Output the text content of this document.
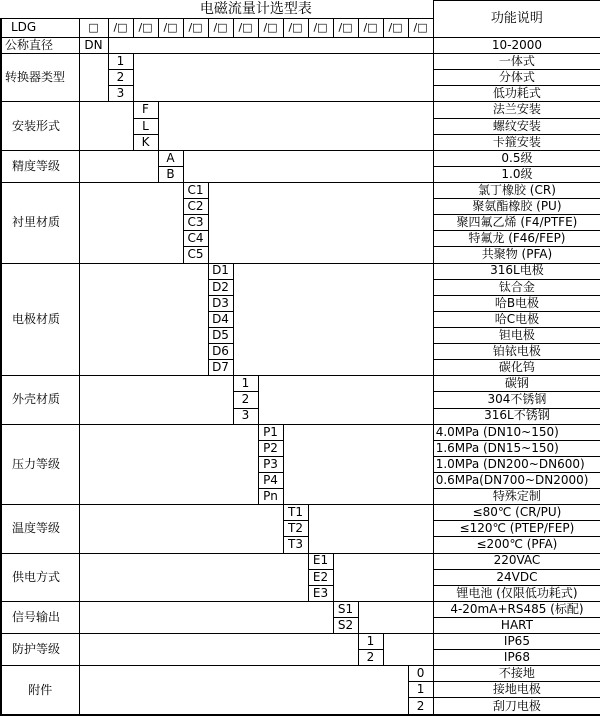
电磁流量计选型表															功能说明
LDG	□	/□	/□	/□	/□	/□	/□	/□	/□	/□	/□	/□	/□	/□	
公称直径	DN														10-2000
转换器类型		1													一体式
		2													分体式
		3													低功耗式
安装形式			F												法兰安装
			L												螺纹安装
			K												卡箍安装
精度等级				A											0.5级
				B											1.0级
衬里材质					C1										氯丁橡胶 (CR)
					C2										聚氨酯橡胶 (PU)
					C3										聚四氟乙烯 (F4/PTFE)
					C4										特氟龙 (F46/FEP)
					C5										共聚物 (PFA)
电极材质						D1									316L电极
						D2									钛合金
						D3									哈B电极
						D4									哈C电极
						D5									钽电极
						D6									铂铱电极
						D7									碳化钨
外壳材质							1								碳钢
							2								304不锈钢
							3								316L不锈钢
压力等级								P1							4.0MPa (DN10~150)
								P2							1.6MPa (DN15~150)
								P3							1.0MPa (DN200~DN600)
								P4							0.6MPa(DN700~DN2000)
								Pn							特殊定制
温度等级									T1						≤80℃ (CR/PU)
									T2						≤120℃ (PTEP/FEP)
									T3						≤200℃ (PFA)
供电方式										E1					220VAC
										E2					24VDC
										E3					锂电池 (仅限低功耗式)
信号输出											S1				4-20mA+RS485 (标配)
											S2				HART
防护等级												1			IP65
												2			IP68
附件														0	不接地
														1	接地电极
														2	刮刀电极
